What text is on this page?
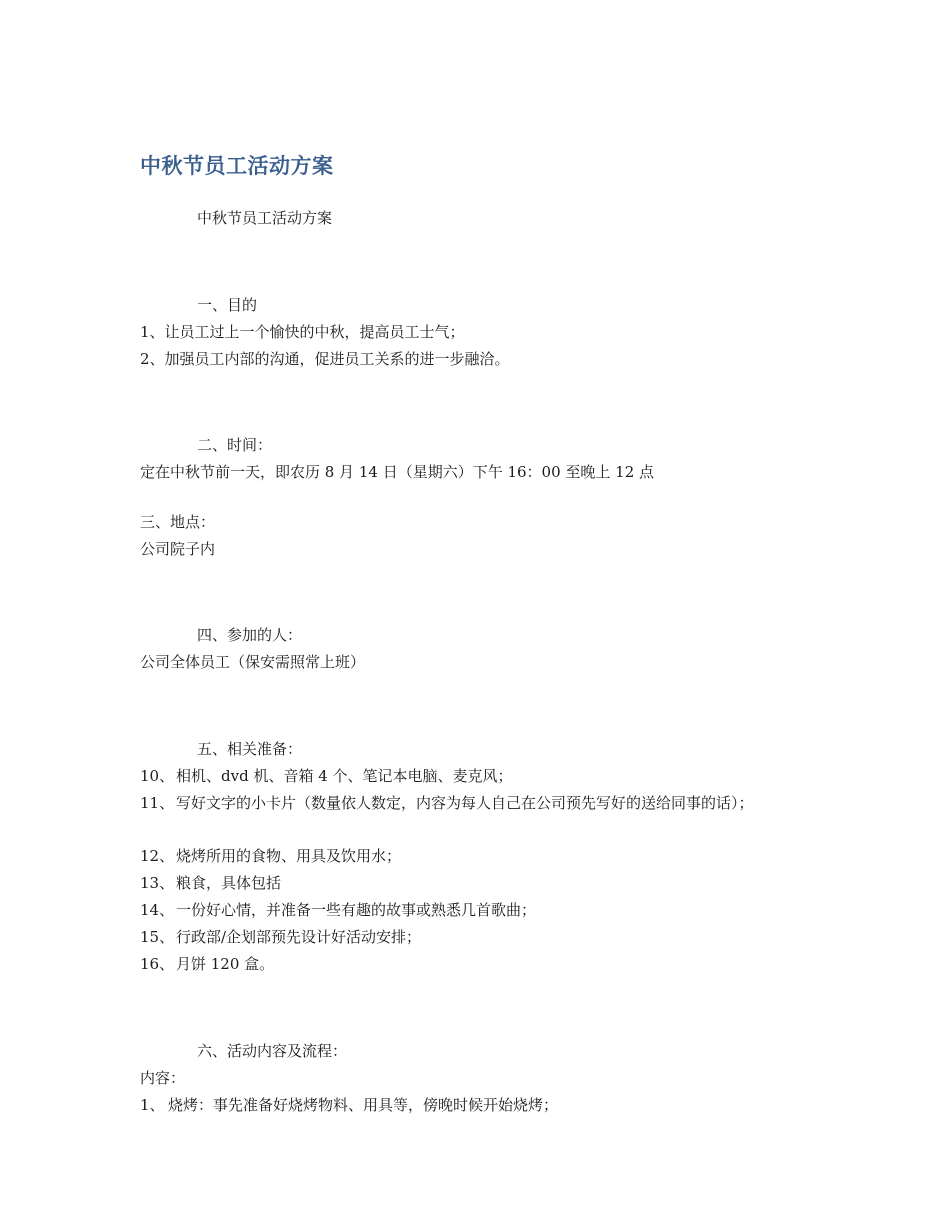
中秋节员工活动方案
中秋节员工活动方案
一、目的
1、让员工过上一个愉快的中秋，提高员工士气；
2、加强员工内部的沟通，促进员工关系的进一步融洽。
二、时间：
定在中秋节前一天，即农历 8 月 14 日（星期六）下午 16：00 至晚上 12 点
三、地点：
公司院子内
四、参加的人：
公司全体员工（保安需照常上班）
五、相关准备：
10、 相机、dvd 机、音箱 4 个、笔记本电脑、麦克风；
11、 写好文字的小卡片（数量依人数定，内容为每人自己在公司预先写好的送给同事的话）；
12、 烧烤所用的食物、用具及饮用水；
13、 粮食，具体包括
14、 一份好心情，并准备一些有趣的故事或熟悉几首歌曲；
15、 行政部/企划部预先设计好活动安排；
16、 月饼 120 盒。
六、活动内容及流程：
内容：
1、 烧烤：事先准备好烧烤物料、用具等，傍晚时候开始烧烤；
